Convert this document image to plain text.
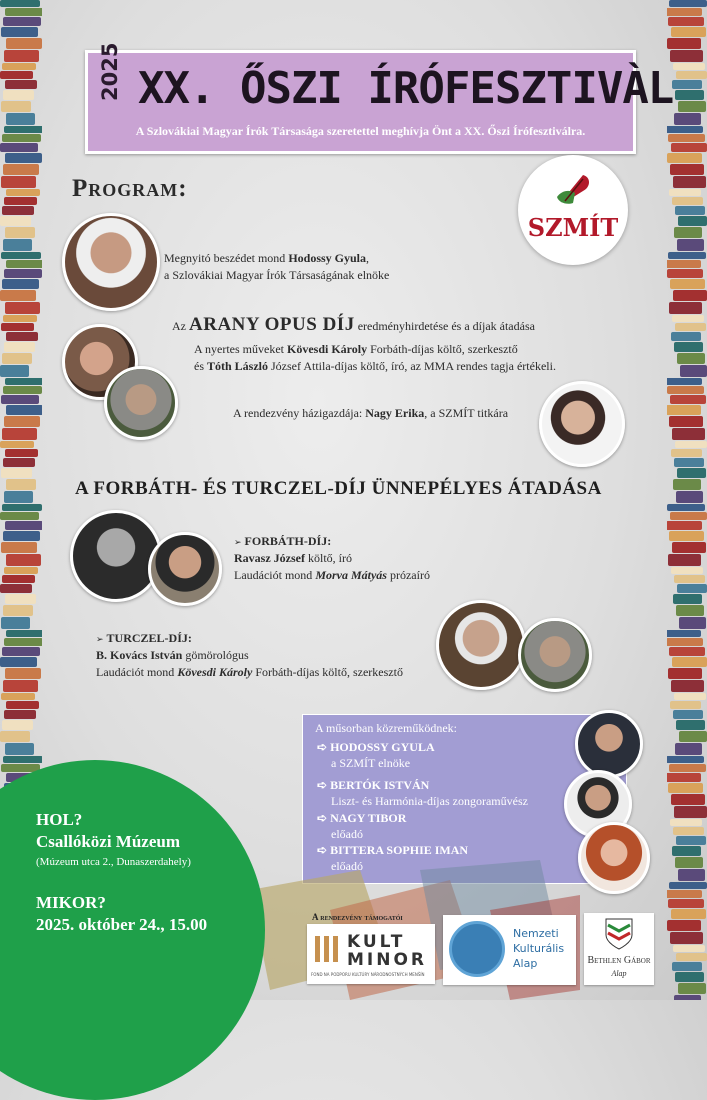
2025 XX. ŐSZI ÍRÓFESZTIVÀL
A Szlovákiai Magyar Írók Társasága szeretettel meghívja Önt a XX. Őszi Írófesztiválra.
Program:
SZMÍT
Megnyitó beszédet mond Hodossy Gyula,
a Szlovákiai Magyar Írók Társaságának elnöke
Az ARANY OPUS DÍJ eredményhirdetése és a díjak átadása
A nyertes műveket Kövesdi Károly Forbáth-díjas költő, szerkesztő
és Tóth László József Attila-díjas költő, író, az MMA rendes tagja értékeli.
A rendezvény házigazdája: Nagy Erika, a SZMÍT titkára
A FORBÁTH- ÉS TURCZEL-DÍJ ÜNNEPÉLYES ÁTADÁSA
➢ FORBÁTH-DÍJ:
Ravasz József költő, író
Laudációt mond Morva Mátyás prózaíró
➢ TURCZEL-DÍJ:
B. Kovács István gömörológus
Laudációt mond Kövesdi Károly Forbáth-díjas költő, szerkesztő
A műsorban közreműködnek:
➪ HODOSSY GYULA
a SZMÍT elnöke
➪ BERTÓK ISTVÁN
Liszt- és Harmónia-díjas zongoraművész
➪ NAGY TIBOR
előadó
➪ BITTERA SOPHIE IMAN
előadó
HOL?
Csallóközi Múzeum
(Múzeum utca 2., Dunaszerdahely)
MIKOR?
2025. október 24., 15.00	A rendezvény támogatói
KULT
MINOR
FOND NA PODPORU KULTÚRY NÁRODNOSTNÝCH MENŠÍN
Nemzeti
Kulturális
Alap	Bethlen Gábor
Alap
